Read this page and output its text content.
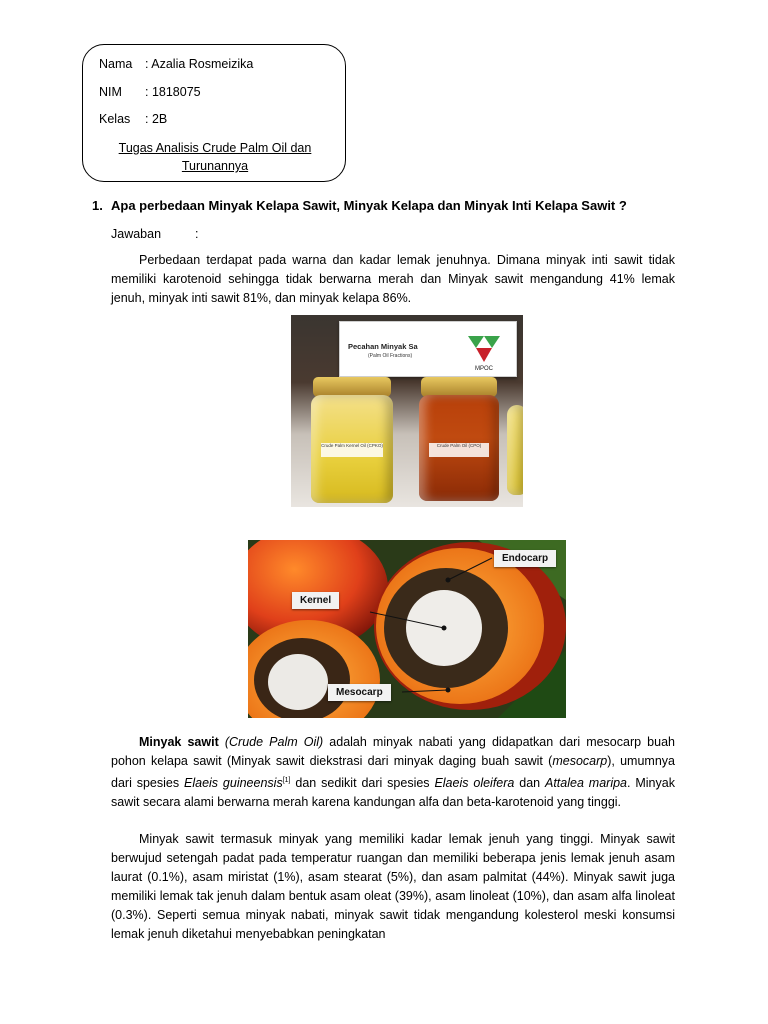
Nama : Azalia Rosmeizika
NIM : 1818075
Kelas : 2B
Tugas Analisis Crude Palm Oil dan
Turunannya
1. Apa perbedaan Minyak Kelapa Sawit, Minyak Kelapa dan Minyak Inti Kelapa Sawit ?
Jawaban	:
Perbedaan terdapat pada warna dan kadar lemak jenuhnya. Dimana minyak inti sawit tidak memiliki karotenoid sehingga tidak berwarna merah dan Minyak sawit mengandung 41% lemak jenuh, minyak inti sawit 81%, dan minyak kelapa 86%.
Pecahan Minyak Sa
(Palm Oil Fractions)
MPOC
Crude Palm Kernel Oil (CPKO)	Crude Palm Oil (CPO)
Endocarp
Kernel
Mesocarp
Minyak sawit (Crude Palm Oil) adalah minyak nabati yang didapatkan dari mesocarp buah pohon kelapa sawit (Minyak sawit diekstrasi dari minyak daging buah sawit (mesocarp), umumnya dari spesies Elaeis guineensis[1] dan sedikit dari spesies Elaeis oleifera dan Attalea maripa. Minyak sawit secara alami berwarna merah karena kandungan alfa dan beta-karotenoid yang tinggi.
Minyak sawit termasuk minyak yang memiliki kadar lemak jenuh yang tinggi. Minyak sawit berwujud setengah padat pada temperatur ruangan dan memiliki beberapa jenis lemak jenuh asam laurat (0.1%), asam miristat (1%), asam stearat (5%), dan asam palmitat (44%). Minyak sawit juga memiliki lemak tak jenuh dalam bentuk asam oleat (39%), asam linoleat (10%), dan asam alfa linoleat (0.3%). Seperti semua minyak nabati, minyak sawit tidak mengandung kolesterol meski konsumsi lemak jenuh diketahui menyebabkan peningkatan
